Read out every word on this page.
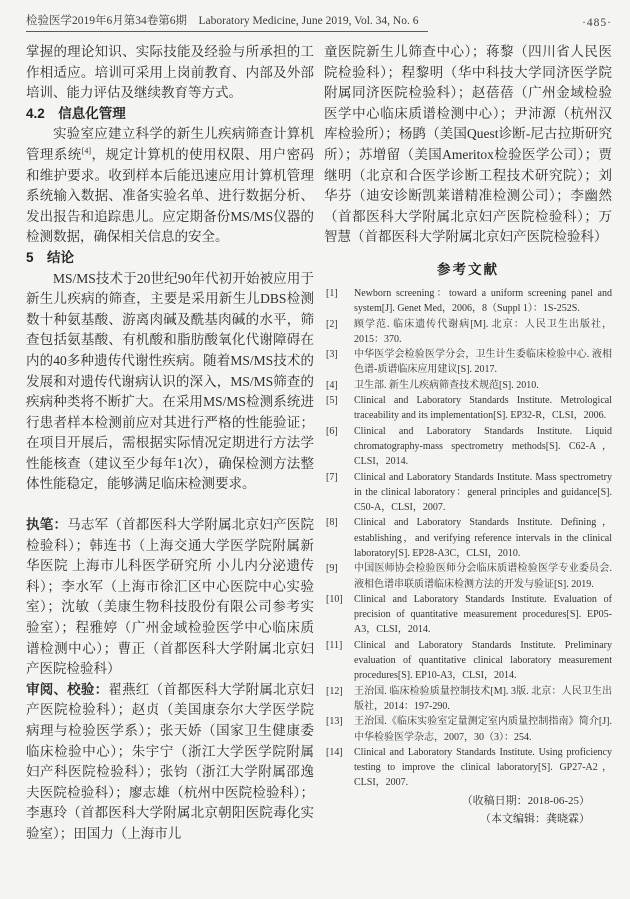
检验医学2019年6月第34卷第6期　Laboratory Medicine, June 2019, Vol. 34, No. 6	·485·

掌握的理论知识、实际技能及经验与所承担的工作相适应。培训可采用上岗前教育、内部及外部培训、能力评估及继续教育等方式。

4.2　信息化管理

实验室应建立科学的新生儿疾病筛查计算机管理系统[4]，规定计算机的使用权限、用户密码和维护要求。收到样本后能迅速应用计算机管理系统输入数据、准备实验名单、进行数据分析、发出报告和追踪患儿。应定期备份MS/MS仪器的检测数据，确保相关信息的安全。

5　结论

MS/MS技术于20世纪90年代初开始被应用于新生儿疾病的筛查，主要是采用新生儿DBS检测数十种氨基酸、游离肉碱及酰基肉碱的水平，筛查包括氨基酸、有机酸和脂肪酸氧化代谢障碍在内的40多种遗传代谢性疾病。随着MS/MS技术的发展和对遗传代谢病认识的深入，MS/MS筛查的疾病种类将不断扩大。在采用MS/MS检测系统进行患者样本检测前应对其进行严格的性能验证；在项目开展后，需根据实际情况定期进行方法学性能核查（建议至少每年1次），确保检测方法整体性能稳定，能够满足临床检测要求。

执笔：马志军（首都医科大学附属北京妇产医院检验科）；韩连书（上海交通大学医学院附属新华医院 上海市儿科医学研究所 小儿内分泌遗传科）；李水军（上海市徐汇区中心医院中心实验室）；沈敏（美康生物科技股份有限公司参考实验室）；程雅婷（广州金域检验医学中心临床质谱检测中心）；曹正（首都医科大学附属北京妇产医院检验科）

审阅、校验：翟燕红（首都医科大学附属北京妇产医院检验科）；赵贞（美国康奈尔大学医学院病理与检验医学系）；张天娇（国家卫生健康委临床检验中心）；朱宇宁（浙江大学医学院附属妇产科医院检验科）；张钧（浙江大学附属邵逸夫医院检验科）；廖志雄（杭州中医院检验科）；李惠玲（首都医科大学附属北京朝阳医院毒化实验室）；田国力（上海市儿

童医院新生儿筛查中心）；蒋黎（四川省人民医院检验科）；程黎明（华中科技大学同济医学院附属同济医院检验科）；赵蓓蓓（广州金域检验医学中心临床质谱检测中心）；尹沛源（杭州汉库检验所）；杨鹍（美国Quest诊断-尼古拉斯研究所）；苏增留（美国Ameritox检验医学公司）；贾继明（北京和合医学诊断工程技术研究院）；刘华芬（迪安诊断凯莱谱精准检测公司）；李幽然（首都医科大学附属北京妇产医院检验科）；万智慧（首都医科大学附属北京妇产医院检验科）

参考文献
[1]	Newborn screening：toward a uniform screening panel and system[J]. Genet Med，2006，8（Suppl 1）：1S-252S.
[2]	顾学范. 临床遗传代谢病[M]. 北京：人民卫生出版社，2015：370.
[3]	中华医学会检验医学分会，卫生计生委临床检验中心. 液相色谱-质谱临床应用建议[S]. 2017.
[4]	卫生部. 新生儿疾病筛查技术规范[S]. 2010.
[5]	Clinical and Laboratory Standards Institute. Metrological traceability and its implementation[S]. EP32-R，CLSI，2006.
[6]	Clinical and Laboratory Standards Institute. Liquid chromatography-mass spectrometry methods[S]. C62-A，CLSI，2014.
[7]	Clinical and Laboratory Standards Institute. Mass spectrometry in the clinical laboratory：general principles and guidance[S]. C50-A，CLSI，2007.
[8]	Clinical and Laboratory Standards Institute. Defining，establishing，and verifying reference intervals in the clinical laboratory[S]. EP28-A3C，CLSI，2010.
[9]	中国医师协会检验医师分会临床质谱检验医学专业委员会. 液相色谱串联质谱临床检测方法的开发与验证[S]. 2019.
[10]	Clinical and Laboratory Standards Institute. Evaluation of precision of quantitative measurement procedures[S]. EP05-A3，CLSI，2014.
[11]	Clinical and Laboratory Standards Institute. Preliminary evaluation of quantitative clinical laboratory measurement procedures[S]. EP10-A3，CLSI，2014.
[12]	王治国. 临床检验质量控制技术[M]. 3版. 北京：人民卫生出版社，2014：197-290.
[13]	王治国.《临床实验室定量测定室内质量控制指南》简介[J]. 中华检验医学杂志，2007，30（3）：254.
[14]	Clinical and Laboratory Standards Institute. Using proficiency testing to improve the clinical laboratory[S]. GP27-A2，CLSI，2007.

（收稿日期：2018-06-25）

（本文编辑：龚晓霖）
